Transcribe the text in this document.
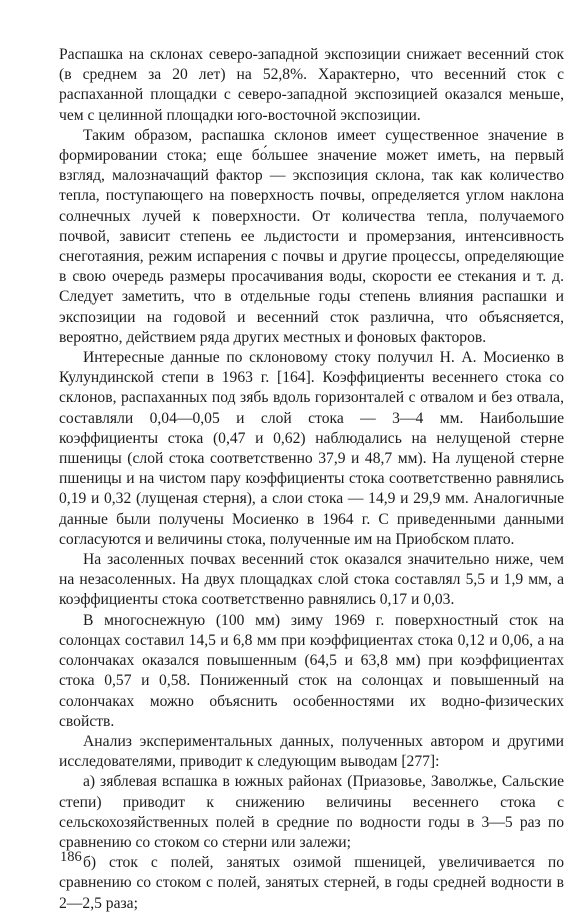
Распашка на склонах северо-западной экспозиции снижает весенний сток (в среднем за 20 лет) на 52,8%. Характерно, что весенний сток с распаханной площадки с северо-западной экспозицией оказался меньше, чем с целинной площадки юго-восточной экспозиции.

Таким образом, распашка склонов имеет существенное значение в формировании стока; еще бо́льшее значение может иметь, на первый взгляд, малозначащий фактор — экспозиция склона, так как количество тепла, поступающего на поверхность почвы, определяется углом наклона солнечных лучей к поверхности. От количества тепла, получаемого почвой, зависит степень ее льдистости и промерзания, интенсивность снеготаяния, режим испарения с почвы и другие процессы, определяющие в свою очередь размеры просачивания воды, скорости ее стекания и т. д. Следует заметить, что в отдельные годы степень влияния распашки и экспозиции на годовой и весенний сток различна, что объясняется, вероятно, действием ряда других местных и фоновых факторов.

Интересные данные по склоновому стоку получил Н. А. Мосиенко в Кулундинской степи в 1963 г. [164]. Коэффициенты весеннего стока со склонов, распаханных под зябь вдоль горизонталей с отвалом и без отвала, составляли 0,04—0,05 и слой стока — 3—4 мм. Наибольшие коэффициенты стока (0,47 и 0,62) наблюдались на нелущеной стерне пшеницы (слой стока соответственно 37,9 и 48,7 мм). На лущеной стерне пшеницы и на чистом пару коэффициенты стока соответственно равнялись 0,19 и 0,32 (лущеная стерня), а слои стока — 14,9 и 29,9 мм. Аналогичные данные были получены Мосиенко в 1964 г. С приведенными данными согласуются и величины стока, полученные им на Приобском плато.

На засоленных почвах весенний сток оказался значительно ниже, чем на незасоленных. На двух площадках слой стока составлял 5,5 и 1,9 мм, а коэффициенты стока соответственно равнялись 0,17 и 0,03.

В многоснежную (100 мм) зиму 1969 г. поверхностный сток на солонцах составил 14,5 и 6,8 мм при коэффициентах стока 0,12 и 0,06, а на солончаках оказался повышенным (64,5 и 63,8 мм) при коэффициентах стока 0,57 и 0,58. Пониженный сток на солонцах и повышенный на солончаках можно объяснить особенностями их водно-физических свойств.

Анализ экспериментальных данных, полученных автором и другими исследователями, приводит к следующим выводам [277]:

а) зяблевая вспашка в южных районах (Приазовье, Заволжье, Сальские степи) приводит к снижению величины весеннего стока с сельскохозяйственных полей в средние по водности годы в 3—5 раз по сравнению со стоком со стерни или залежи;

б) сток с полей, занятых озимой пшеницей, увеличивается по сравнению со стоком с полей, занятых стерней, в годы средней водности в 2—2,5 раза;

186
